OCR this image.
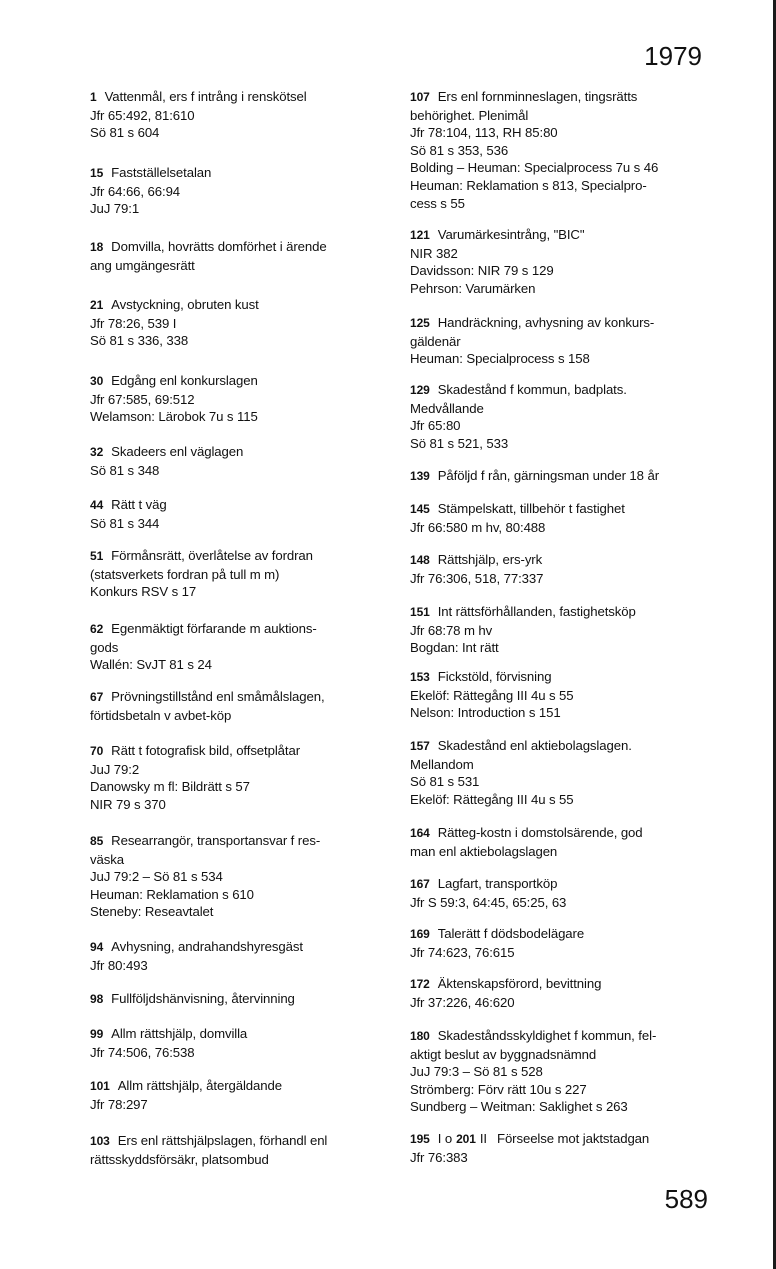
1979
1 Vattenmål, ers f intrång i renskötsel
Jfr 65:492, 81:610
Sö 81 s 604
15 Fastställelsetalan
Jfr 64:66, 66:94
JuJ 79:1
18 Domvilla, hovrätts domförhet i ärende
ang umgängesrätt
21 Avstyckning, obruten kust
Jfr 78:26, 539 I
Sö 81 s 336, 338
30 Edgång enl konkurslagen
Jfr 67:585, 69:512
Welamson: Lärobok 7u s 115
32 Skadeers enl väglagen
Sö 81 s 348
44 Rätt t väg
Sö 81 s 344
51 Förmånsrätt, överlåtelse av fordran
(statsverkets fordran på tull m m)
Konkurs RSV s 17
62 Egenmäktigt förfarande m auktions-
gods
Wallén: SvJT 81 s 24
67 Prövningstillstånd enl småmålslagen,
förtidsbetaln v avbet-köp
70 Rätt t fotografisk bild, offsetplåtar
JuJ 79:2
Danowsky m fl: Bildrätt s 57
NIR 79 s 370
85 Researrangör, transportansvar f res-
väska
JuJ 79:2 – Sö 81 s 534
Heuman: Reklamation s 610
Steneby: Reseavtalet
94 Avhysning, andrahandshyresgäst
Jfr 80:493
98 Fullföljdshänvisning, återvinning
99 Allm rättshjälp, domvilla
Jfr 74:506, 76:538
101 Allm rättshjälp, återgäldande
Jfr 78:297
103 Ers enl rättshjälpslagen, förhandl enl
rättsskyddsförsäkr, platsombud
107 Ers enl fornminneslagen, tingsrätts
behörighet. Plenimål
Jfr 78:104, 113, RH 85:80
Sö 81 s 353, 536
Bolding – Heuman: Specialprocess 7u s 46
Heuman: Reklamation s 813, Specialpro-
cess s 55
121 Varumärkesintrång, "BIC"
NIR 382
Davidsson: NIR 79 s 129
Pehrson: Varumärken
125 Handräckning, avhysning av konkurs-
gäldenär
Heuman: Specialprocess s 158
129 Skadestånd f kommun, badplats.
Medvållande
Jfr 65:80
Sö 81 s 521, 533
139 Påföljd f rån, gärningsman under 18 år
145 Stämpelskatt, tillbehör t fastighet
Jfr 66:580 m hv, 80:488
148 Rättshjälp, ers-yrk
Jfr 76:306, 518, 77:337
151 Int rättsförhållanden, fastighetsköp
Jfr 68:78 m hv
Bogdan: Int rätt
153 Fickstöld, förvisning
Ekelöf: Rättegång III 4u s 55
Nelson: Introduction s 151
157 Skadestånd enl aktiebolagslagen.
Mellandom
Sö 81 s 531
Ekelöf: Rättegång III 4u s 55
164 Rätteg-kostn i domstolsärende, god
man enl aktiebolagslagen
167 Lagfart, transportköp
Jfr S 59:3, 64:45, 65:25, 63
169 Talerätt f dödsbodelägare
Jfr 74:623, 76:615
172 Äktenskapsförord, bevittning
Jfr 37:226, 46:620
180 Skadeståndsskyldighet f kommun, fel-
aktigt beslut av byggnadsnämnd
JuJ 79:3 – Sö 81 s 528
Strömberg: Förv rätt 10u s 227
Sundberg – Weitman: Saklighet s 263
195 I o 201 II Förseelse mot jaktstadgan
Jfr 76:383
589
